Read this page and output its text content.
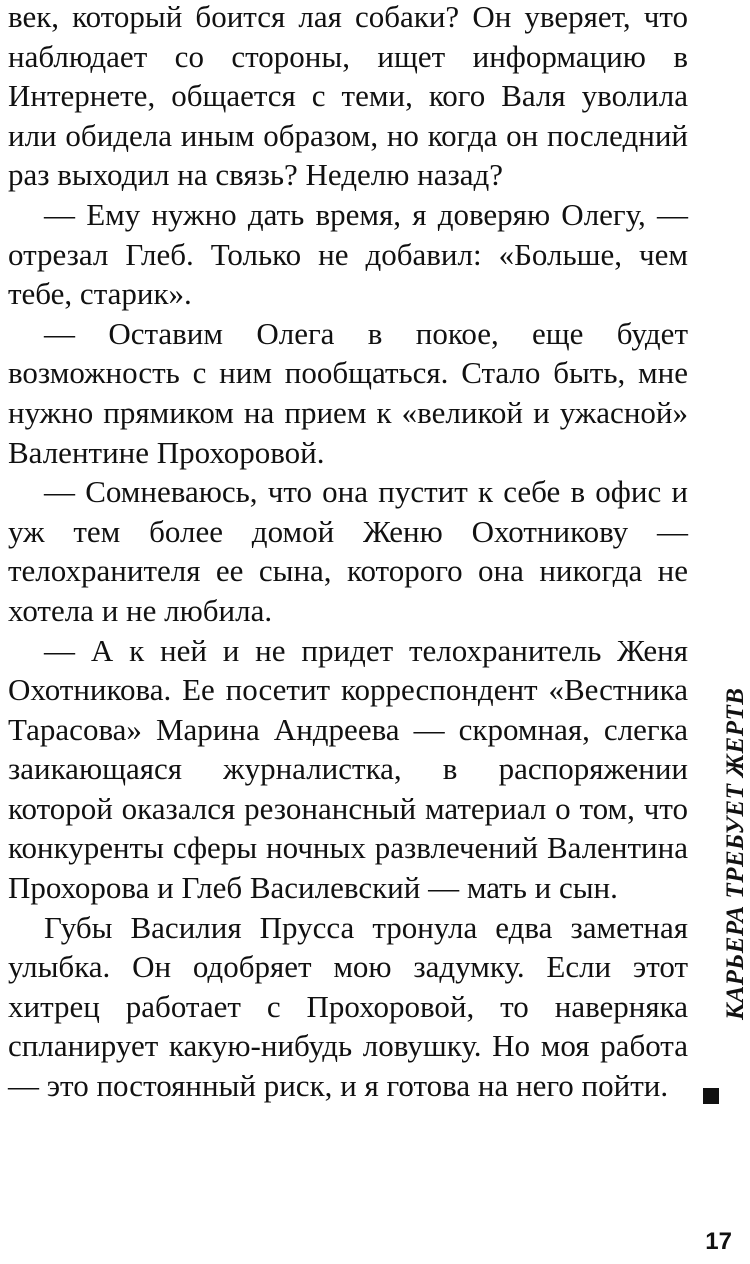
век, который боится лая собаки? Он уверяет, что наблюдает со стороны, ищет информацию в Интернете, общается с теми, кого Валя уволила или обидела иным образом, но когда он последний раз выходил на связь? Неделю назад?

— Ему нужно дать время, я доверяю Олегу, — отрезал Глеб. Только не добавил: «Больше, чем тебе, старик».

— Оставим Олега в покое, еще будет возможность с ним пообщаться. Стало быть, мне нужно прямиком на прием к «великой и ужасной» Валентине Прохоровой.

— Сомневаюсь, что она пустит к себе в офис и уж тем более домой Женю Охотникову — телохранителя ее сына, которого она никогда не хотела и не любила.

— А к ней и не придет телохранитель Женя Охотникова. Ее посетит корреспондент «Вестника Тарасова» Марина Андреева — скромная, слегка заикающаяся журналистка, в распоряжении которой оказался резонансный материал о том, что конкуренты сферы ночных развлечений Валентина Прохорова и Глеб Василевский — мать и сын.

Губы Василия Прусса тронула едва заметная улыбка. Он одобряет мою задумку. Если этот хитрец работает с Прохоровой, то наверняка спланирует какую-нибудь ловушку. Но моя работа — это постоянный риск, и я готова на него пойти.

КАРЬЕРА ТРЕБУЕТ ЖЕРТВ
17
